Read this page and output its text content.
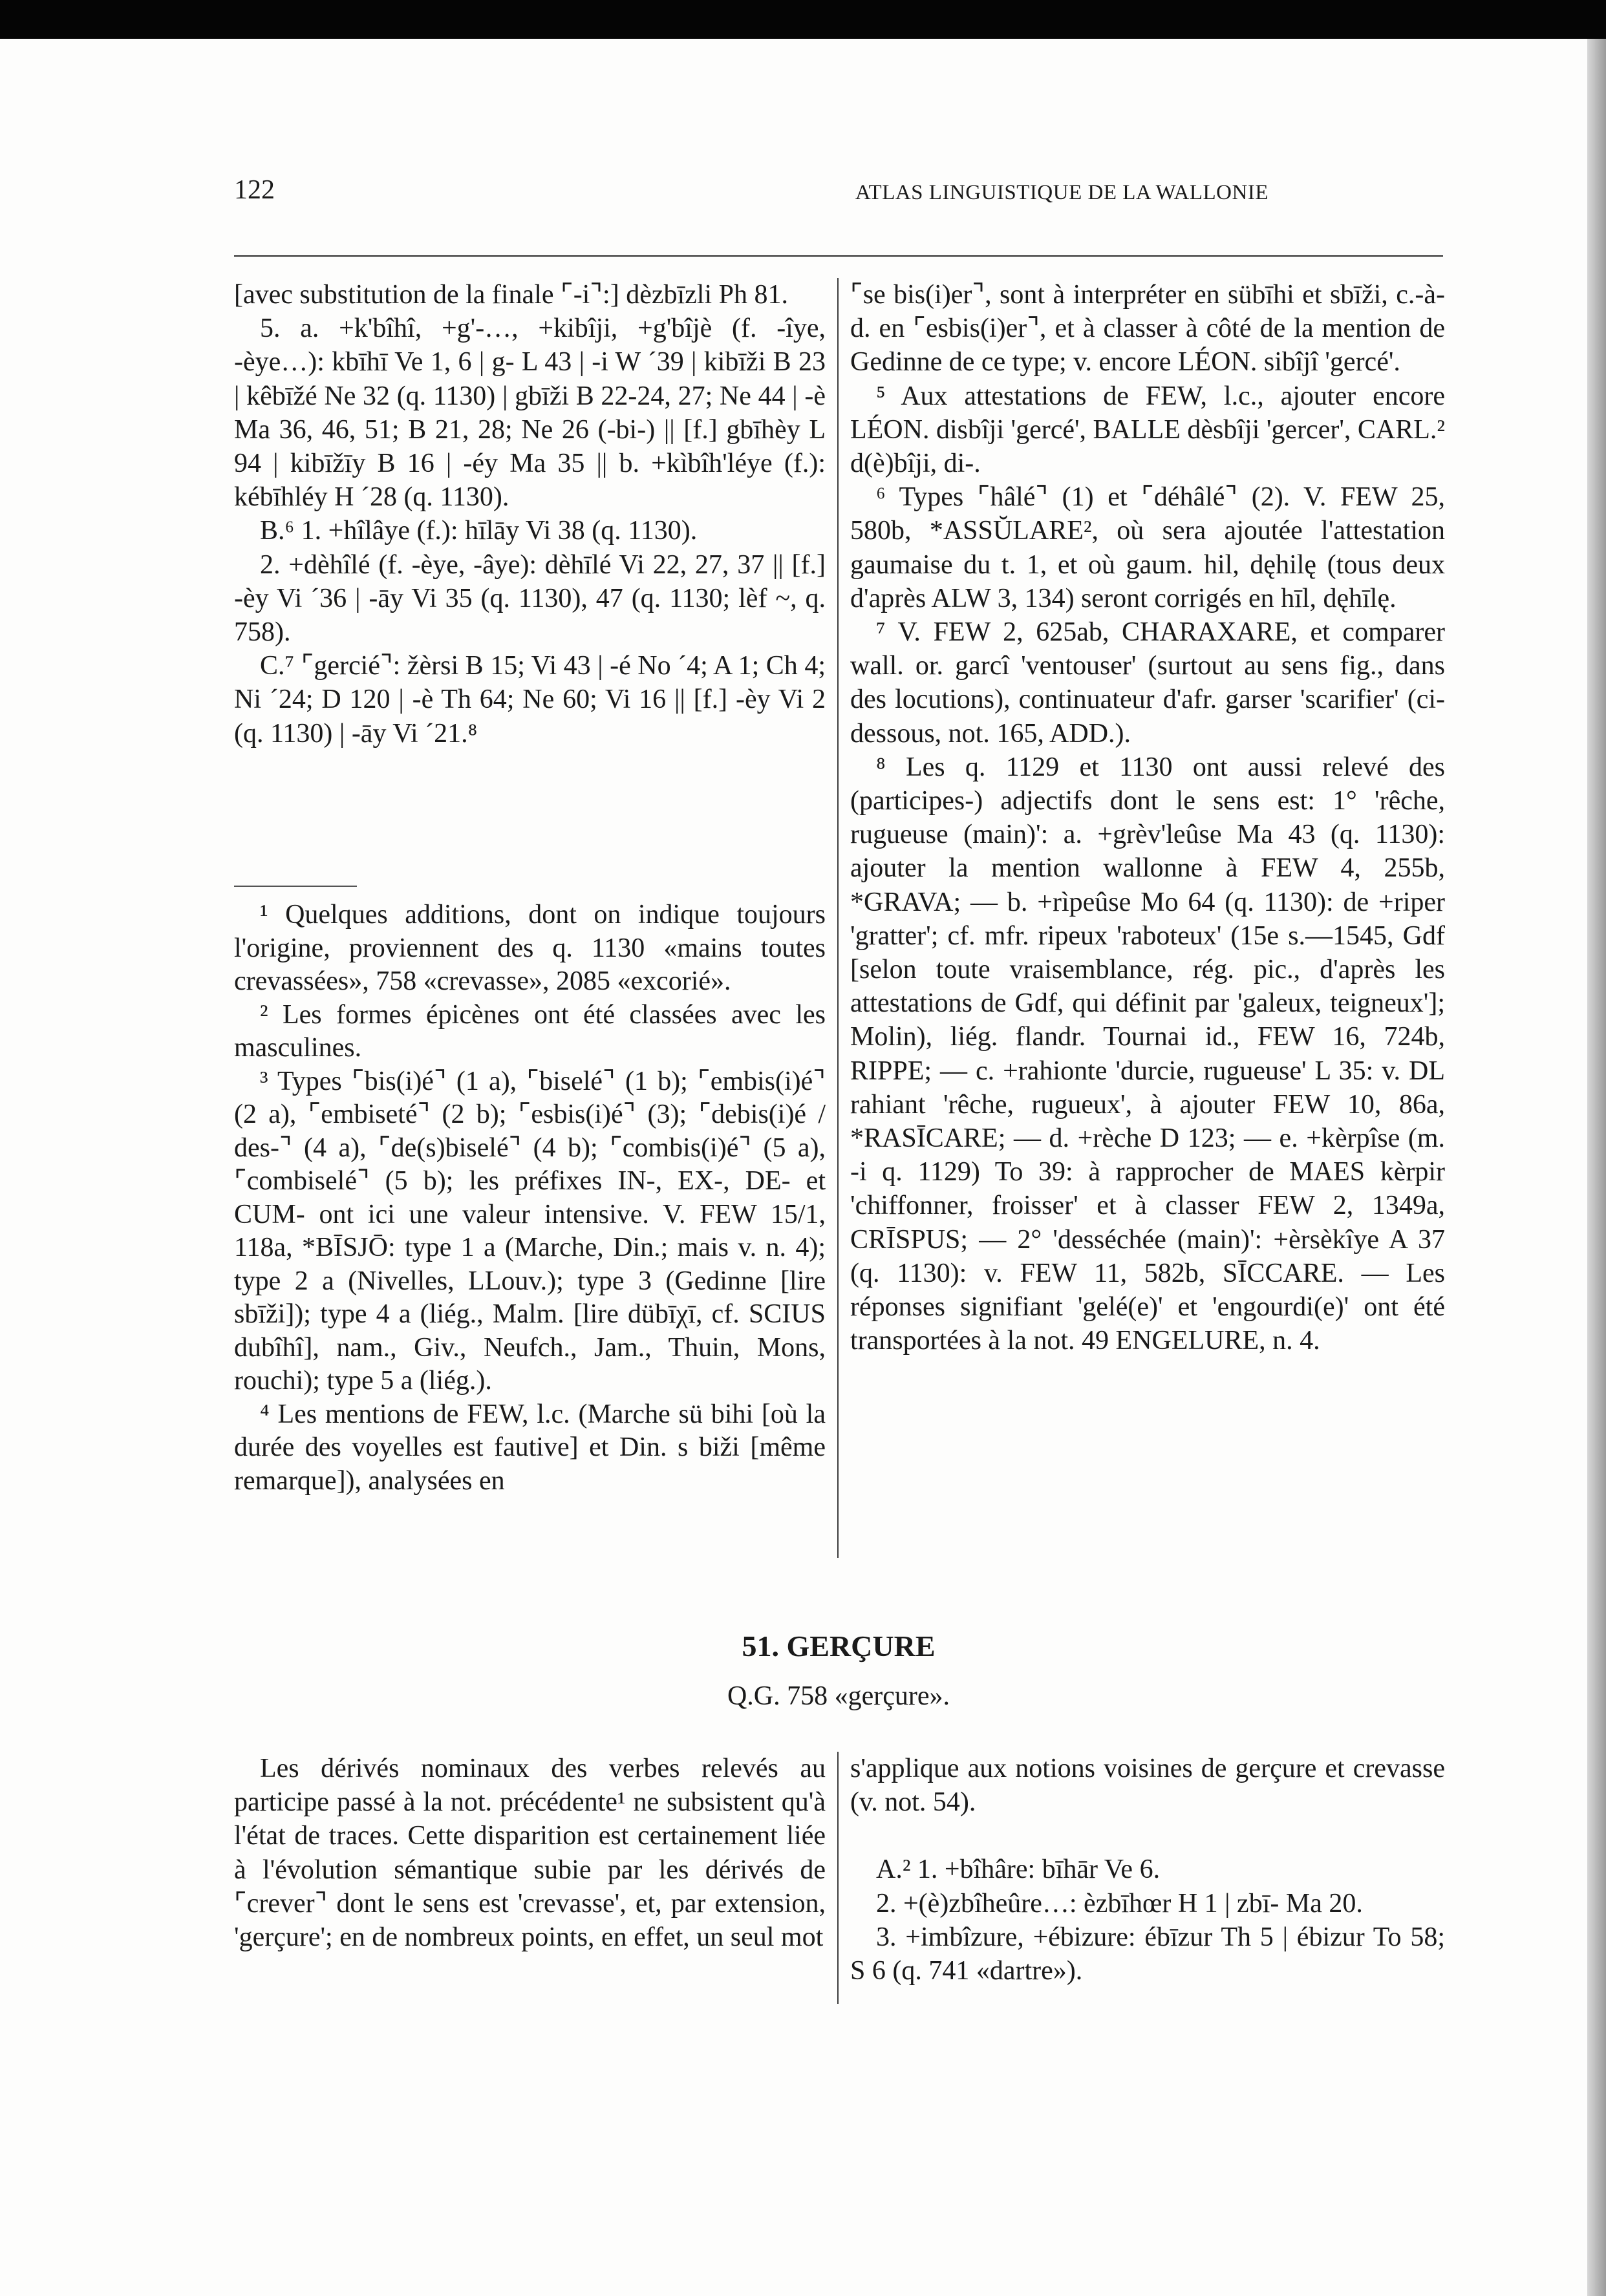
122	ATLAS LINGUISTIQUE DE LA WALLONIE

[avec substitution de la finale ⌜-i⌝:] dèzbīzli Ph 81.

5. a. +k'bîhî, +g'-…, +kibîji, +g'bîjè (f. -îye, -èye…): kbīhī Ve 1, 6 | g- L 43 | -i W ´39 | kibīži B 23 | kêbīžé Ne 32 (q. 1130) | gbīži B 22-24, 27; Ne 44 | -è Ma 36, 46, 51; B 21, 28; Ne 26 (-bi-) || [f.] gbīhèy L 94 | kibīžīy B 16 | -éy Ma 35 || b. +kìbîh'léye (f.): kébīhléy H ´28 (q. 1130).

B.⁶ 1. +hîlâye (f.): hīlāy Vi 38 (q. 1130).

2. +dèhîlé (f. -èye, -âye): dèhīlé Vi 22, 27, 37 || [f.] -èy Vi ´36 | -āy Vi 35 (q. 1130), 47 (q. 1130; lèf ~, q. 758).

C.⁷ ⌜gercié⌝: žèrsi B 15; Vi 43 | -é No ´4; A 1; Ch 4; Ni ´24; D 120 | -è Th 64; Ne 60; Vi 16 || [f.] -èy Vi 2 (q. 1130) | -āy Vi ´21.⁸

¹ Quelques additions, dont on indique toujours l'origine, proviennent des q. 1130 «mains toutes crevassées», 758 «crevasse», 2085 «excorié».

² Les formes épicènes ont été classées avec les masculines.

³ Types ⌜bis(i)é⌝ (1 a), ⌜biselé⌝ (1 b); ⌜embis(i)é⌝ (2 a), ⌜embiseté⌝ (2 b); ⌜esbis(i)é⌝ (3); ⌜debis(i)é / des-⌝ (4 a), ⌜de(s)biselé⌝ (4 b); ⌜combis(i)é⌝ (5 a), ⌜combiselé⌝ (5 b); les préfixes IN-, EX-, DE- et CUM- ont ici une valeur intensive. V. FEW 15/1, 118a, *BĪSJŌ: type 1 a (Marche, Din.; mais v. n. 4); type 2 a (Nivelles, LLouv.); type 3 (Gedinne [lire sbīži]); type 4 a (liég., Malm. [lire dübīχī, cf. SCIUS dubîhî], nam., Giv., Neufch., Jam., Thuin, Mons, rouchi); type 5 a (liég.).

⁴ Les mentions de FEW, l.c. (Marche sü bihi [où la durée des voyelles est fautive] et Din. s biži [même remarque]), analysées en

⌜se bis(i)er⌝, sont à interpréter en sübīhi et sbīži, c.-à-d. en ⌜esbis(i)er⌝, et à classer à côté de la mention de Gedinne de ce type; v. encore LÉON. sibîjî 'gercé'.

⁵ Aux attestations de FEW, l.c., ajouter encore LÉON. disbîji 'gercé', BALLE dèsbîji 'gercer', CARL.² d(è)bîji, di-.

⁶ Types ⌜hâlé⌝ (1) et ⌜déhâlé⌝ (2). V. FEW 25, 580b, *ASSŬLARE², où sera ajoutée l'attestation gaumaise du t. 1, et où gaum. hil, dęhilę (tous deux d'après ALW 3, 134) seront corrigés en hīl, dęhīlę.

⁷ V. FEW 2, 625ab, CHARAXARE, et comparer wall. or. garcî 'ventouser' (surtout au sens fig., dans des locutions), continuateur d'afr. garser 'scarifier' (ci-dessous, not. 165, ADD.).

⁸ Les q. 1129 et 1130 ont aussi relevé des (participes-) adjectifs dont le sens est: 1° 'rêche, rugueuse (main)': a. +grèv'leûse Ma 43 (q. 1130): ajouter la mention wallonne à FEW 4, 255b, *GRAVA; — b. +rìpeûse Mo 64 (q. 1130): de +riper 'gratter'; cf. mfr. ripeux 'raboteux' (15e s.—1545, Gdf [selon toute vraisemblance, rég. pic., d'après les attestations de Gdf, qui définit par 'galeux, teigneux']; Molin), liég. flandr. Tournai id., FEW 16, 724b, RIPPE; — c. +rahionte 'durcie, rugueuse' L 35: v. DL rahiant 'rêche, rugueux', à ajouter FEW 10, 86a, *RASĪCARE; — d. +rèche D 123; — e. +kèrpîse (m. -i q. 1129) To 39: à rapprocher de MAES kèrpir 'chiffonner, froisser' et à classer FEW 2, 1349a, CRĪSPUS; — 2° 'desséchée (main)': +èrsèkîye A 37 (q. 1130): v. FEW 11, 582b, SĪCCARE. — Les réponses signifiant 'gelé(e)' et 'engourdi(e)' ont été transportées à la not. 49 ENGELURE, n. 4.

51. GERÇURE
Q.G. 758 «gerçure».

Les dérivés nominaux des verbes relevés au participe passé à la not. précédente¹ ne subsistent qu'à l'état de traces. Cette disparition est certainement liée à l'évolution sémantique subie par les dérivés de ⌜crever⌝ dont le sens est 'crevasse', et, par extension, 'gerçure'; en de nombreux points, en effet, un seul mot

s'applique aux notions voisines de gerçure et crevasse (v. not. 54).

A.² 1. +bîhâre: bīhār Ve 6.

2. +(è)zbîheûre…: èzbīhœr H 1 | zbī- Ma 20.

3. +imbîzure, +ébizure: ébīzur Th 5 | ébizur To 58; S 6 (q. 741 «dartre»).
